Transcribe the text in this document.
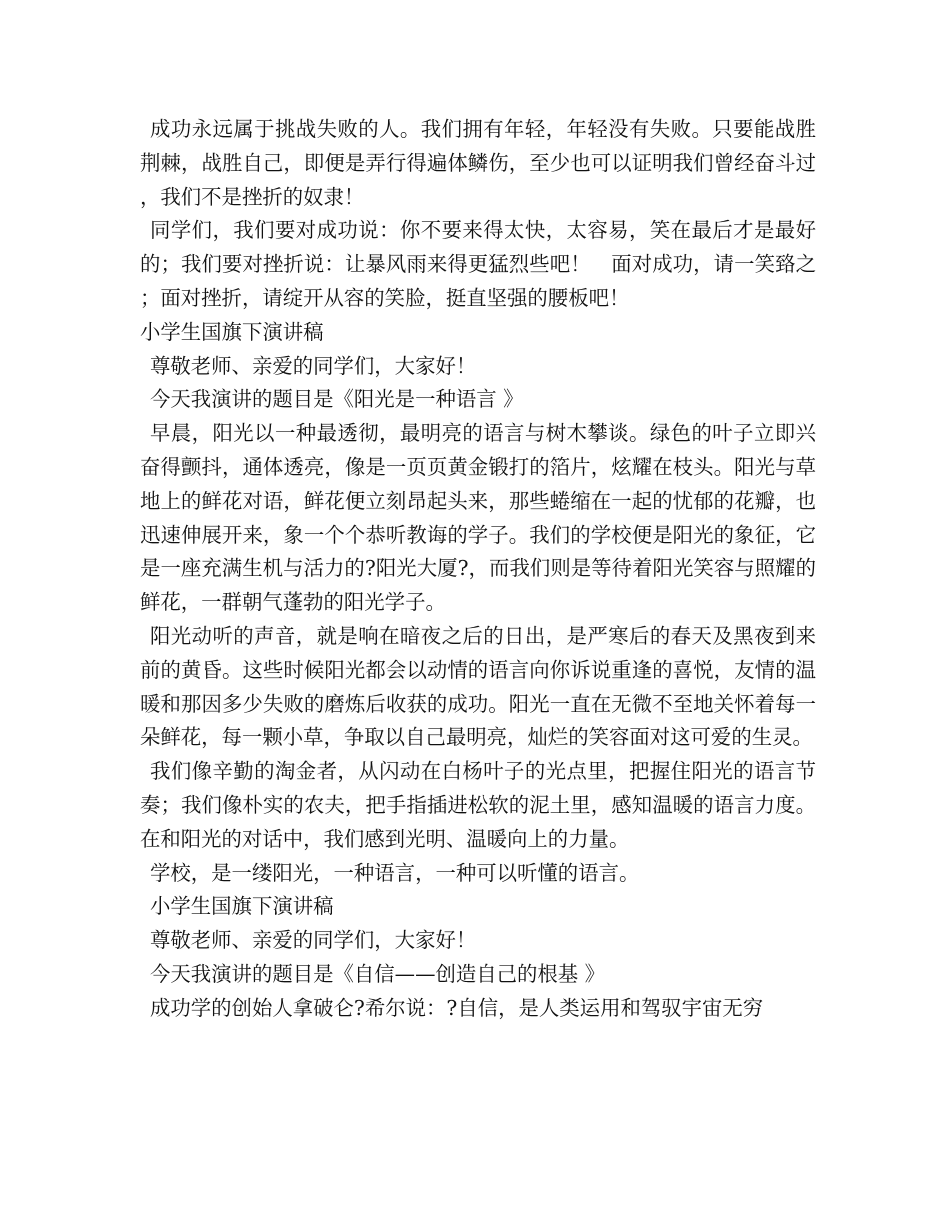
成功永远属于挑战失败的人。我们拥有年轻，年轻没有失败。只要能战胜荆棘，战胜自己，即便是弄行得遍体鳞伤，至少也可以证明我们曾经奋斗过，我们不是挫折的奴隶！

同学们，我们要对成功说：你不要来得太快，太容易，笑在最后才是最好的；我们要对挫折说：让暴风雨来得更猛烈些吧！　面对成功，请一笑臵之；面对挫折，请绽开从容的笑脸，挺直坚强的腰板吧！

小学生国旗下演讲稿

尊敬老师、亲爱的同学们，大家好！

今天我演讲的题目是《阳光是一种语言 》

早晨，阳光以一种最透彻，最明亮的语言与树木攀谈。绿色的叶子立即兴奋得颤抖，通体透亮，像是一页页黄金锻打的箔片，炫耀在枝头。阳光与草地上的鲜花对语，鲜花便立刻昂起头来，那些蜷缩在一起的忧郁的花瓣，也迅速伸展开来，象一个个恭听教诲的学子。我们的学校便是阳光的象征，它是一座充满生机与活力的?阳光大厦?，而我们则是等待着阳光笑容与照耀的鲜花，一群朝气蓬勃的阳光学子。

阳光动听的声音，就是响在暗夜之后的日出，是严寒后的春天及黑夜到来前的黄昏。这些时候阳光都会以动情的语言向你诉说重逢的喜悦，友情的温暖和那因多少失败的磨炼后收获的成功。阳光一直在无微不至地关怀着每一朵鲜花，每一颗小草，争取以自己最明亮，灿烂的笑容面对这可爱的生灵。

我们像辛勤的淘金者，从闪动在白杨叶子的光点里，把握住阳光的语言节奏；我们像朴实的农夫，把手指插进松软的泥土里，感知温暖的语言力度。在和阳光的对话中，我们感到光明、温暖向上的力量。

学校，是一缕阳光，一种语言，一种可以听懂的语言。

小学生国旗下演讲稿

尊敬老师、亲爱的同学们，大家好！

今天我演讲的题目是《自信——创造自己的根基 》

成功学的创始人拿破仑?希尔说：?自信，是人类运用和驾驭宇宙无穷
